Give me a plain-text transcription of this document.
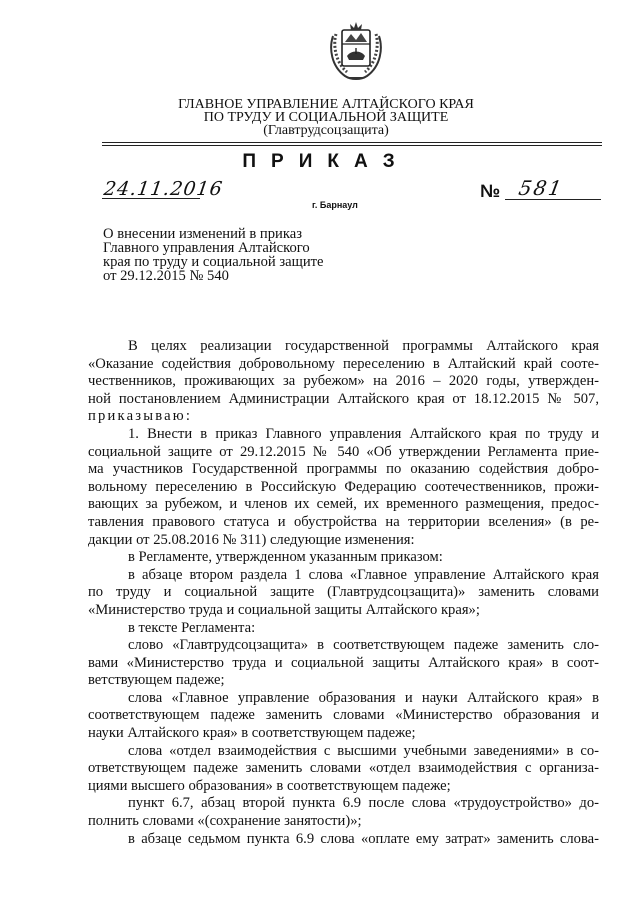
ГЛАВНОЕ УПРАВЛЕНИЕ АЛТАЙСКОГО КРАЯ
ПО ТРУДУ И СОЦИАЛЬНОЙ ЗАЩИТЕ
(Главтрудсоцзащита)
ПРИКАЗ
24.11.2016
г. Барнаул
№ 581
О внесении изменений в приказ
Главного управления Алтайского
края по труду и социальной защите
от 29.12.2015 № 540
В целях реализации государственной программы Алтайского края
«Оказание содействия добровольному переселению в Алтайский край соотe-
чественников, проживающих за рубежом» на 2016 – 2020 годы, утвержден-
ной постановлением Администрации Алтайского края от 18.12.2015 № 507,
приказываю:
1. Внести в приказ Главного управления Алтайского края по труду и
социальной защите от 29.12.2015 № 540 «Об утверждении Регламента прие-
ма участников Государственной программы по оказанию содействия добро-
вольному переселению в Российскую Федерацию соотечественников, прожи-
вающих за рубежом, и членов их семей, их временного размещения, предос-
тавления правового статуса и обустройства на территории вселения» (в ре-
дакции от 25.08.2016 № 311) следующие изменения:
в Регламенте, утвержденном указанным приказом:
в абзаце втором раздела 1 слова «Главное управление Алтайского края
по труду и социальной защите (Главтрудсоцзащита)» заменить словами
«Министерство труда и социальной защиты Алтайского края»;
в тексте Регламента:
слово «Главтрудсоцзащита» в соответствующем падеже заменить сло-
вами «Министерство труда и социальной защиты Алтайского края» в соот-
ветствующем падеже;
слова «Главное управление образования и науки Алтайского края» в
соответствующем падеже заменить словами «Министерство образования и
науки Алтайского края» в соответствующем падеже;
слова «отдел взаимодействия с высшими учебными заведениями» в со-
ответствующем падеже заменить словами «отдел взаимодействия с организа-
циями высшего образования» в соответствующем падеже;
пункт 6.7, абзац второй пункта 6.9 после слова «трудоустройство» до-
полнить словами «(сохранение занятости)»;
в абзаце седьмом пункта 6.9 слова «оплате ему затрат» заменить слова-
